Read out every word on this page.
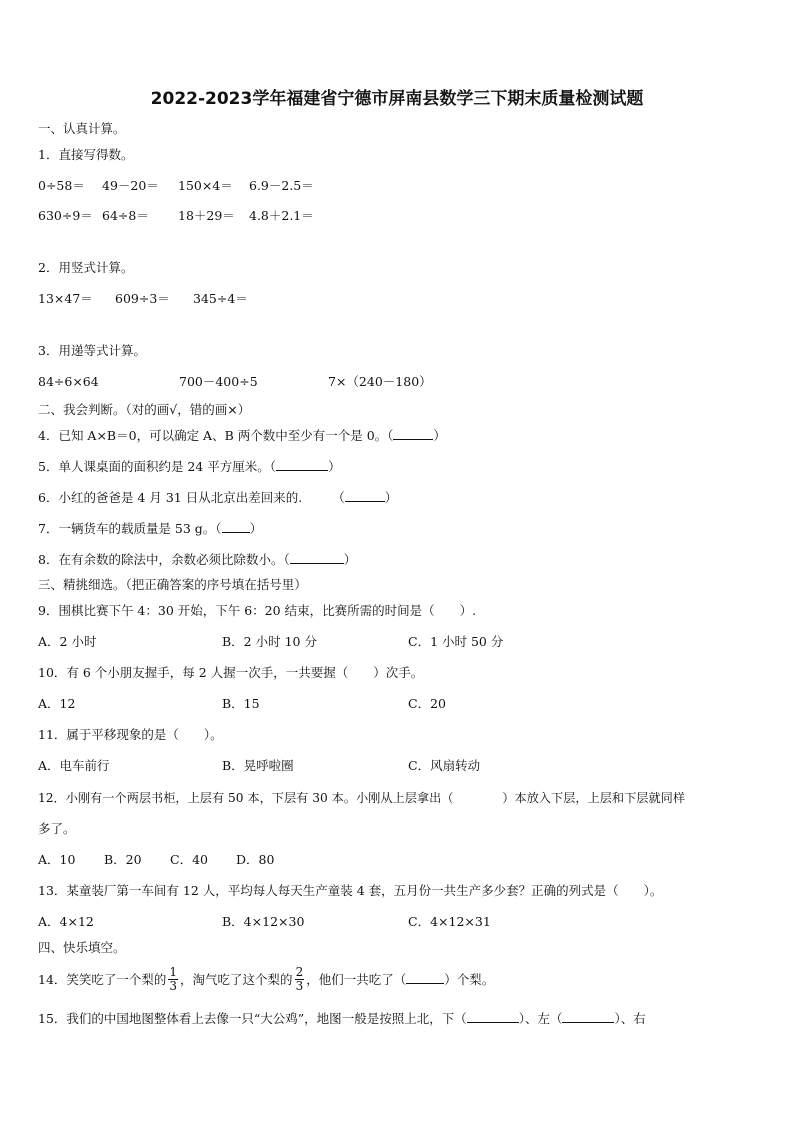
2022-2023学年福建省宁德市屏南县数学三下期末质量检测试题
一、认真计算。
1．直接写得数。
0÷58＝	49－20＝	150×4＝	6.9－2.5＝
630÷9＝ 64÷8＝	18＋29＝	4.8＋2.1＝
2．用竖式计算。
13×47＝	609÷3＝	345÷4＝
3．用递等式计算。
84÷6×64	700－400÷5	7×（240－180）
二、我会判断。（对的画√，错的画×）
4．已知 A×B＝0，可以确定 A、B 两个数中至少有一个是 0。（	）
5．单人课桌面的面积约是 24 平方厘米。（	）
6．小红的爸爸是 4 月 31 日从北京出差回来的. （	）
7．一辆货车的载质量是 53 g。（ ）
8．在有余数的除法中，余数必须比除数小。（	）
三、精挑细选。（把正确答案的序号填在括号里）
9．围棋比赛下午 4：30 开始，下午 6：20 结束，比赛所需的时间是（　　）.
A．2 小时	B．2 小时 10 分	C．1 小时 50 分
10．有 6 个小朋友握手，每 2 人握一次手，一共要握（　　）次手。
A．12	B．15	C．20
11．属于平移现象的是（　　）。
A．电车前行	B．晃呼啦圈	C．风扇转动
12．小刚有一个两层书柜，上层有 50 本，下层有 30 本。小刚从上层拿出（　　　　）本放入下层，上层和下层就同样
多了。
A．10	B．20	C．40	D．80
13．某童装厂第一车间有 12 人，平均每人每天生产童装 4 套，五月份一共生产多少套？正确的列式是（　　）。
A．4×12	B．4×12×30	C．4×12×31
四、快乐填空。
14．笑笑吃了一个梨的 $\frac{1}{3}$ ，淘气吃了这个梨的 $\frac{2}{3}$ ，他们一共吃了（	）个梨。
15．我们的中国地图整体看上去像一只“大公鸡”，地图一般是按照上北，下（	）、左（	）、右
